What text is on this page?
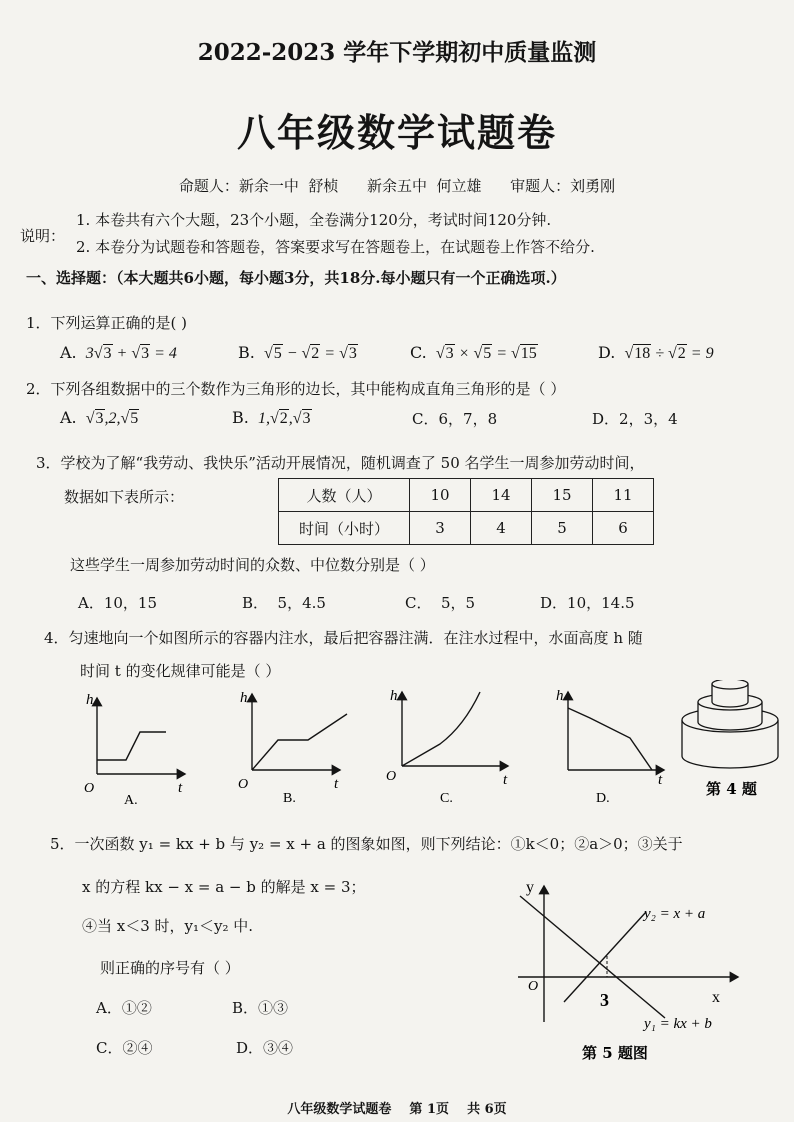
2022-2023 学年下学期初中质量监测
八年级数学试题卷
命题人：新余一中  舒桢      新余五中  何立雄      审题人：刘勇刚
说明：
1. 本卷共有六个大题，23个小题，全卷满分120分，考试时间120分钟.
2. 本卷分为试题卷和答题卷，答案要求写在答题卷上，在试题卷上作答不给分.
一、选择题：（本大题共6小题，每小题3分，共18分.每小题只有一个正确选项.）
1．下列运算正确的是( )
A.  3√3 + √3 = 4	B. √5 − √2 = √3	C. √3 × √5 = √15	D. √18 ÷ √2 = 9
2．下列各组数据中的三个数作为三角形的边长，其中能构成直角三角形的是（ ）
A. √3,2,√5	B.  1,√2,√3	C．6，7，8	D．2，3，4
3．学校为了解“我劳动、我快乐”活动开展情况，随机调查了 50 名学生一周参加劳动时间，
数据如下表所示：	人数（人）	10	14	15	11
时间（小时）	3	4	5	6
这些学生一周参加劳动时间的众数、中位数分别是（ ）
A．10，15	B．  5，4.5	C．  5，5	D．10，14.5
4．匀速地向一个如图所示的容器内注水，最后把容器注满．在注水过程中，水面高度 h 随
时间 t 的变化规律可能是（ ）
h
t
O
A.
h
t
O
B.
h
t
O
C.
h
t
D.
第 4 题
5．一次函数 y₁ = kx + b 与 y₂ = x + a 的图象如图，则下列结论：①k＜0；②a＞0；③关于
x 的方程 kx − x = a − b 的解是 x = 3；
④当 x＜3 时，y₁＜y₂ 中.
则正确的序号有（ ）
A．①②	B．①③
C．②④	D．③④
y
x
O
3
y₂ = x + a
y₁ = kx + b
第 5 题图
八年级数学试题卷    第 1页    共 6页
